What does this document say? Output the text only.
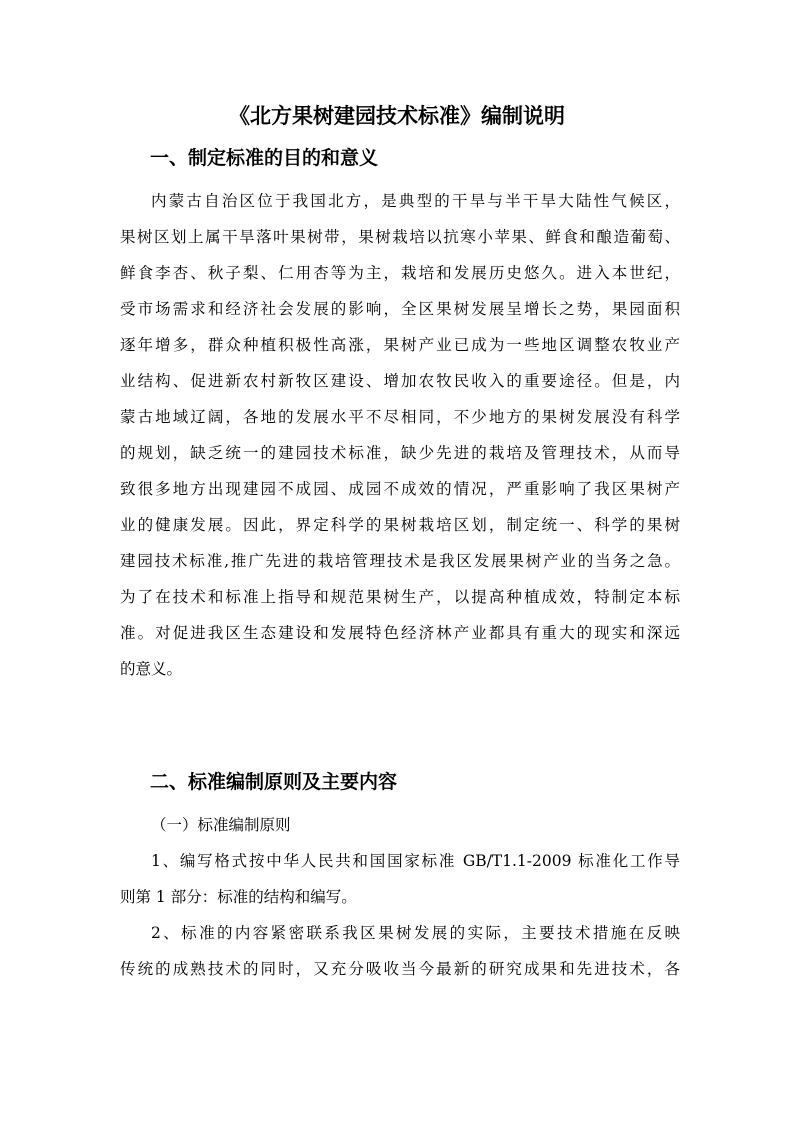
《北方果树建园技术标准》编制说明
一、制定标准的目的和意义
内蒙古自治区位于我国北方，是典型的干旱与半干旱大陆性气候区，
果树区划上属干旱落叶果树带，果树栽培以抗寒小苹果、鲜食和酿造葡萄、
鲜食李杏、秋子梨、仁用杏等为主，栽培和发展历史悠久。进入本世纪，
受市场需求和经济社会发展的影响，全区果树发展呈增长之势，果园面积
逐年增多，群众种植积极性高涨，果树产业已成为一些地区调整农牧业产
业结构、促进新农村新牧区建设、增加农牧民收入的重要途径。但是，内
蒙古地域辽阔，各地的发展水平不尽相同，不少地方的果树发展没有科学
的规划，缺乏统一的建园技术标准，缺少先进的栽培及管理技术，从而导
致很多地方出现建园不成园、成园不成效的情况，严重影响了我区果树产
业的健康发展。因此，界定科学的果树栽培区划，制定统一、科学的果树
建园技术标准,推广先进的栽培管理技术是我区发展果树产业的当务之急。
为了在技术和标准上指导和规范果树生产，以提高种植成效，特制定本标
准。对促进我区生态建设和发展特色经济林产业都具有重大的现实和深远
的意义。
二、标准编制原则及主要内容
（一）标准编制原则
1、编写格式按中华人民共和国国家标准 GB/T1.1-2009 标准化工作导
则第 1 部分：标准的结构和编写。
2、标准的内容紧密联系我区果树发展的实际，主要技术措施在反映
传统的成熟技术的同时，又充分吸收当今最新的研究成果和先进技术，各
